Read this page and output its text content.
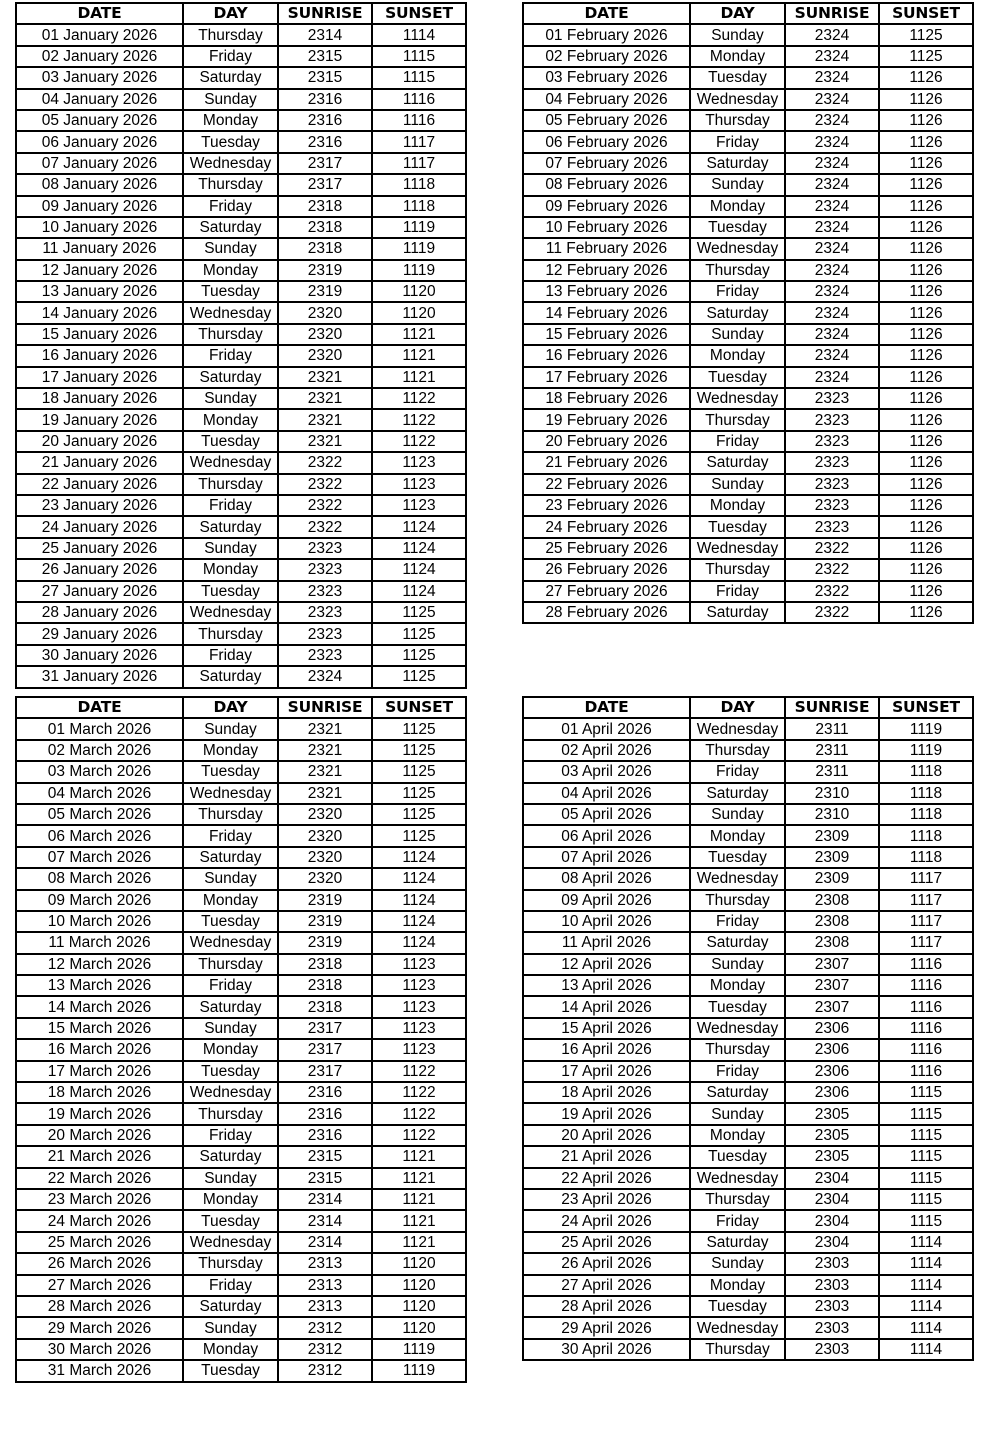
DATE	DAY	SUNRISE	SUNSET
01 January 2026	Thursday	2314	1114
02 January 2026	Friday	2315	1115
03 January 2026	Saturday	2315	1115
04 January 2026	Sunday	2316	1116
05 January 2026	Monday	2316	1116
06 January 2026	Tuesday	2316	1117
07 January 2026	Wednesday	2317	1117
08 January 2026	Thursday	2317	1118
09 January 2026	Friday	2318	1118
10 January 2026	Saturday	2318	1119
11 January 2026	Sunday	2318	1119
12 January 2026	Monday	2319	1119
13 January 2026	Tuesday	2319	1120
14 January 2026	Wednesday	2320	1120
15 January 2026	Thursday	2320	1121
16 January 2026	Friday	2320	1121
17 January 2026	Saturday	2321	1121
18 January 2026	Sunday	2321	1122
19 January 2026	Monday	2321	1122
20 January 2026	Tuesday	2321	1122
21 January 2026	Wednesday	2322	1123
22 January 2026	Thursday	2322	1123
23 January 2026	Friday	2322	1123
24 January 2026	Saturday	2322	1124
25 January 2026	Sunday	2323	1124
26 January 2026	Monday	2323	1124
27 January 2026	Tuesday	2323	1124
28 January 2026	Wednesday	2323	1125
29 January 2026	Thursday	2323	1125
30 January 2026	Friday	2323	1125
31 January 2026	Saturday	2324	1125
DATE	DAY	SUNRISE	SUNSET
01 February 2026	Sunday	2324	1125
02 February 2026	Monday	2324	1125
03 February 2026	Tuesday	2324	1126
04 February 2026	Wednesday	2324	1126
05 February 2026	Thursday	2324	1126
06 February 2026	Friday	2324	1126
07 February 2026	Saturday	2324	1126
08 February 2026	Sunday	2324	1126
09 February 2026	Monday	2324	1126
10 February 2026	Tuesday	2324	1126
11 February 2026	Wednesday	2324	1126
12 February 2026	Thursday	2324	1126
13 February 2026	Friday	2324	1126
14 February 2026	Saturday	2324	1126
15 February 2026	Sunday	2324	1126
16 February 2026	Monday	2324	1126
17 February 2026	Tuesday	2324	1126
18 February 2026	Wednesday	2323	1126
19 February 2026	Thursday	2323	1126
20 February 2026	Friday	2323	1126
21 February 2026	Saturday	2323	1126
22 February 2026	Sunday	2323	1126
23 February 2026	Monday	2323	1126
24 February 2026	Tuesday	2323	1126
25 February 2026	Wednesday	2322	1126
26 February 2026	Thursday	2322	1126
27 February 2026	Friday	2322	1126
28 February 2026	Saturday	2322	1126
DATE	DAY	SUNRISE	SUNSET
01 March 2026	Sunday	2321	1125
02 March 2026	Monday	2321	1125
03 March 2026	Tuesday	2321	1125
04 March 2026	Wednesday	2321	1125
05 March 2026	Thursday	2320	1125
06 March 2026	Friday	2320	1125
07 March 2026	Saturday	2320	1124
08 March 2026	Sunday	2320	1124
09 March 2026	Monday	2319	1124
10 March 2026	Tuesday	2319	1124
11 March 2026	Wednesday	2319	1124
12 March 2026	Thursday	2318	1123
13 March 2026	Friday	2318	1123
14 March 2026	Saturday	2318	1123
15 March 2026	Sunday	2317	1123
16 March 2026	Monday	2317	1123
17 March 2026	Tuesday	2317	1122
18 March 2026	Wednesday	2316	1122
19 March 2026	Thursday	2316	1122
20 March 2026	Friday	2316	1122
21 March 2026	Saturday	2315	1121
22 March 2026	Sunday	2315	1121
23 March 2026	Monday	2314	1121
24 March 2026	Tuesday	2314	1121
25 March 2026	Wednesday	2314	1121
26 March 2026	Thursday	2313	1120
27 March 2026	Friday	2313	1120
28 March 2026	Saturday	2313	1120
29 March 2026	Sunday	2312	1120
30 March 2026	Monday	2312	1119
31 March 2026	Tuesday	2312	1119
DATE	DAY	SUNRISE	SUNSET
01 April 2026	Wednesday	2311	1119
02 April 2026	Thursday	2311	1119
03 April 2026	Friday	2311	1118
04 April 2026	Saturday	2310	1118
05 April 2026	Sunday	2310	1118
06 April 2026	Monday	2309	1118
07 April 2026	Tuesday	2309	1118
08 April 2026	Wednesday	2309	1117
09 April 2026	Thursday	2308	1117
10 April 2026	Friday	2308	1117
11 April 2026	Saturday	2308	1117
12 April 2026	Sunday	2307	1116
13 April 2026	Monday	2307	1116
14 April 2026	Tuesday	2307	1116
15 April 2026	Wednesday	2306	1116
16 April 2026	Thursday	2306	1116
17 April 2026	Friday	2306	1116
18 April 2026	Saturday	2306	1115
19 April 2026	Sunday	2305	1115
20 April 2026	Monday	2305	1115
21 April 2026	Tuesday	2305	1115
22 April 2026	Wednesday	2304	1115
23 April 2026	Thursday	2304	1115
24 April 2026	Friday	2304	1115
25 April 2026	Saturday	2304	1114
26 April 2026	Sunday	2303	1114
27 April 2026	Monday	2303	1114
28 April 2026	Tuesday	2303	1114
29 April 2026	Wednesday	2303	1114
30 April 2026	Thursday	2303	1114
